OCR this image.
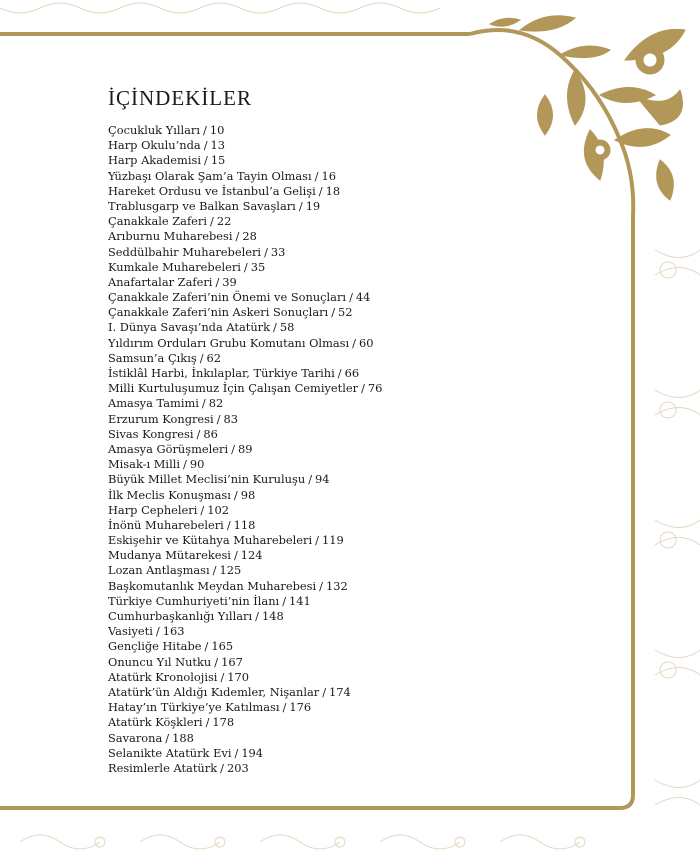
İÇİNDEKİLER
Çocukluk Yılları / 10
Harp Okulu’nda / 13
Harp Akademisi / 15
Yüzbaşı Olarak Şam’a Tayin Olması / 16
Hareket Ordusu ve İstanbul’a Gelişi / 18
Trablusgarp ve Balkan Savaşları / 19
Çanakkale Zaferi / 22
Arıburnu Muharebesi / 28
Seddülbahir Muharebeleri / 33
Kumkale Muharebeleri / 35
Anafartalar Zaferi / 39
Çanakkale Zaferi’nin Önemi ve Sonuçları / 44
Çanakkale Zaferi’nin Askeri Sonuçları / 52
I. Dünya Savaşı’nda Atatürk / 58
Yıldırım Orduları Grubu Komutanı Olması / 60
Samsun’a Çıkış / 62
İstiklâl Harbi, İnkılaplar, Türkiye Tarihi / 66
Milli Kurtuluşumuz İçin Çalışan Cemiyetler / 76
Amasya Tamimi / 82
Erzurum Kongresi / 83
Sivas Kongresi / 86
Amasya Görüşmeleri / 89
Misak-ı Milli / 90
Büyük Millet Meclisi’nin Kuruluşu / 94
İlk Meclis Konuşması / 98
Harp Cepheleri / 102
İnönü Muharebeleri / 118
Eskişehir ve Kütahya Muharebeleri / 119
Mudanya Mütarekesi / 124
Lozan Antlaşması / 125
Başkomutanlık Meydan Muharebesi / 132
Türkiye Cumhuriyeti’nin İlanı / 141
Cumhurbaşkanlığı Yılları / 148
Vasiyeti / 163
Gençliğe Hitabe / 165
Onuncu Yıl Nutku / 167
Atatürk Kronolojisi / 170
Atatürk’ün Aldığı Kıdemler, Nişanlar / 174
Hatay’ın Türkiye’ye Katılması / 176
Atatürk Köşkleri / 178
Savarona / 188
Selanikte Atatürk Evi / 194
Resimlerle Atatürk / 203
